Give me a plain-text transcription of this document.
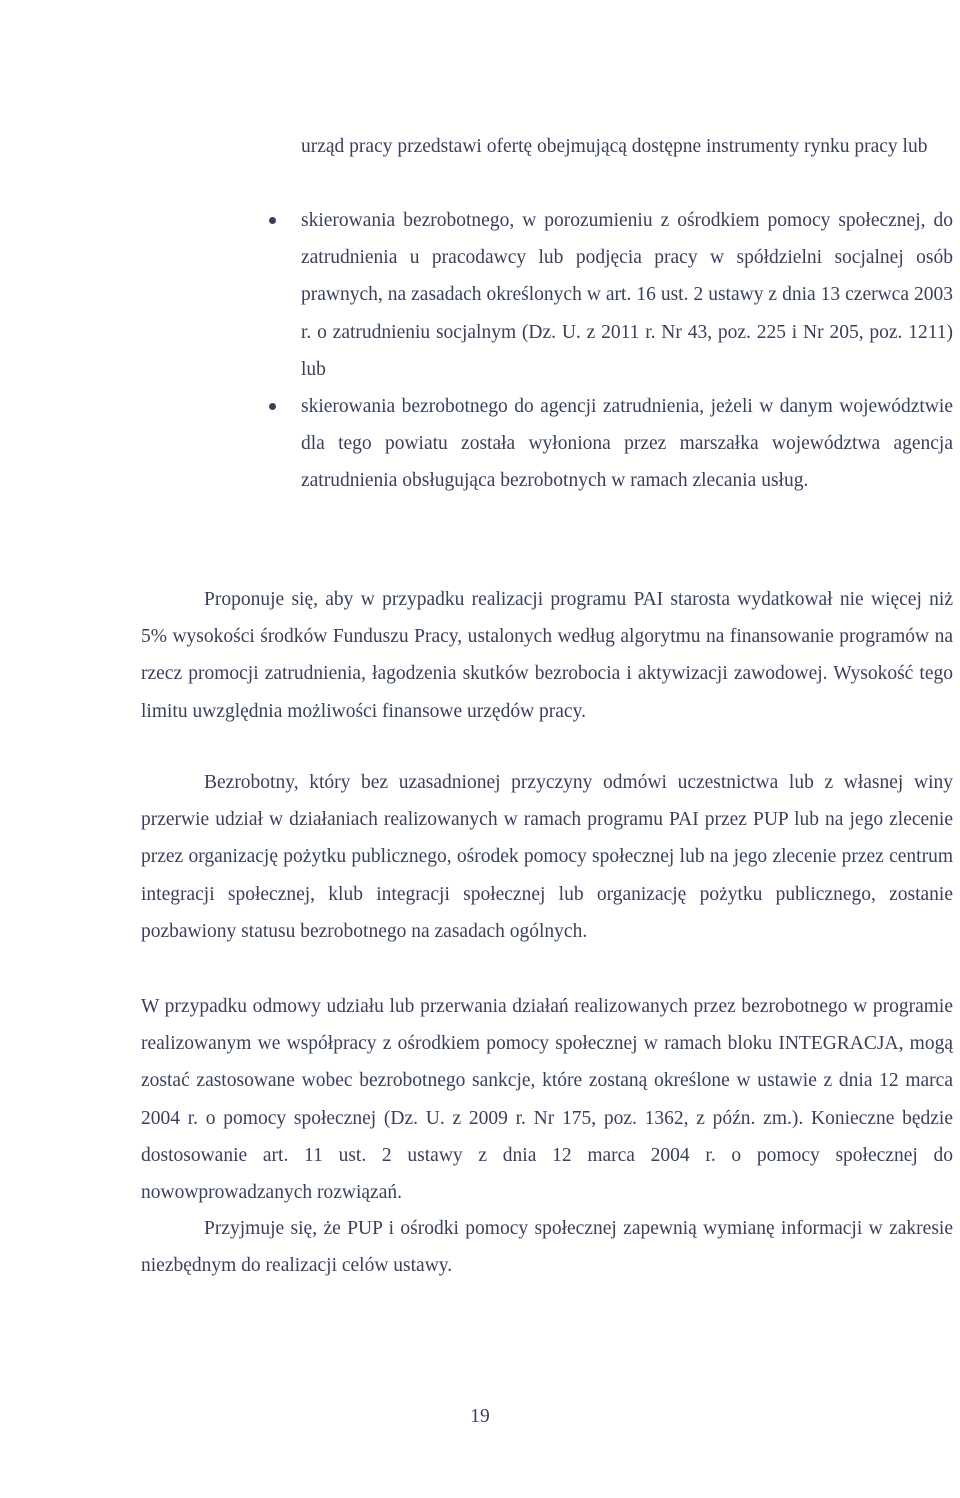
urząd pracy przedstawi ofertę obejmującą dostępne instrumenty rynku pracy lub

skierowania bezrobotnego, w porozumieniu z ośrodkiem pomocy społecznej, do zatrudnienia u pracodawcy lub podjęcia pracy w spółdzielni socjalnej osób prawnych, na zasadach określonych w art. 16 ust. 2 ustawy z dnia 13 czerwca 2003 r. o zatrudnieniu socjalnym (Dz. U. z 2011 r. Nr 43, poz. 225 i Nr 205, poz. 1211) lub

skierowania bezrobotnego do agencji zatrudnienia, jeżeli w danym województwie dla tego powiatu została wyłoniona przez marszałka województwa agencja zatrudnienia obsługująca bezrobotnych w ramach zlecania usług.

Proponuje się, aby w przypadku realizacji programu PAI starosta wydatkował nie więcej niż 5% wysokości środków Funduszu Pracy, ustalonych według algorytmu na finansowanie programów na rzecz promocji zatrudnienia, łagodzenia skutków bezrobocia i aktywizacji zawodowej. Wysokość tego limitu uwzględnia możliwości finansowe urzędów pracy.

Bezrobotny, który bez uzasadnionej przyczyny odmówi uczestnictwa lub z własnej winy przerwie udział w działaniach realizowanych w ramach programu PAI przez PUP lub na jego zlecenie przez organizację pożytku publicznego, ośrodek pomocy społecznej lub na jego zlecenie przez centrum integracji społecznej, klub integracji społecznej lub organizację pożytku publicznego, zostanie pozbawiony statusu bezrobotnego na zasadach ogólnych.

W przypadku odmowy udziału lub przerwania działań realizowanych przez bezrobotnego w programie realizowanym we współpracy z ośrodkiem pomocy społecznej w ramach bloku INTEGRACJA, mogą zostać zastosowane wobec bezrobotnego sankcje, które zostaną określone w ustawie z dnia 12 marca 2004 r. o pomocy społecznej (Dz. U. z 2009 r. Nr 175, poz. 1362, z późn. zm.). Konieczne będzie dostosowanie art. 11 ust. 2 ustawy z dnia 12 marca 2004 r. o pomocy społecznej do nowowprowadzanych rozwiązań.

Przyjmuje się, że PUP i ośrodki pomocy społecznej zapewnią wymianę informacji w zakresie niezbędnym do realizacji celów ustawy.

19
